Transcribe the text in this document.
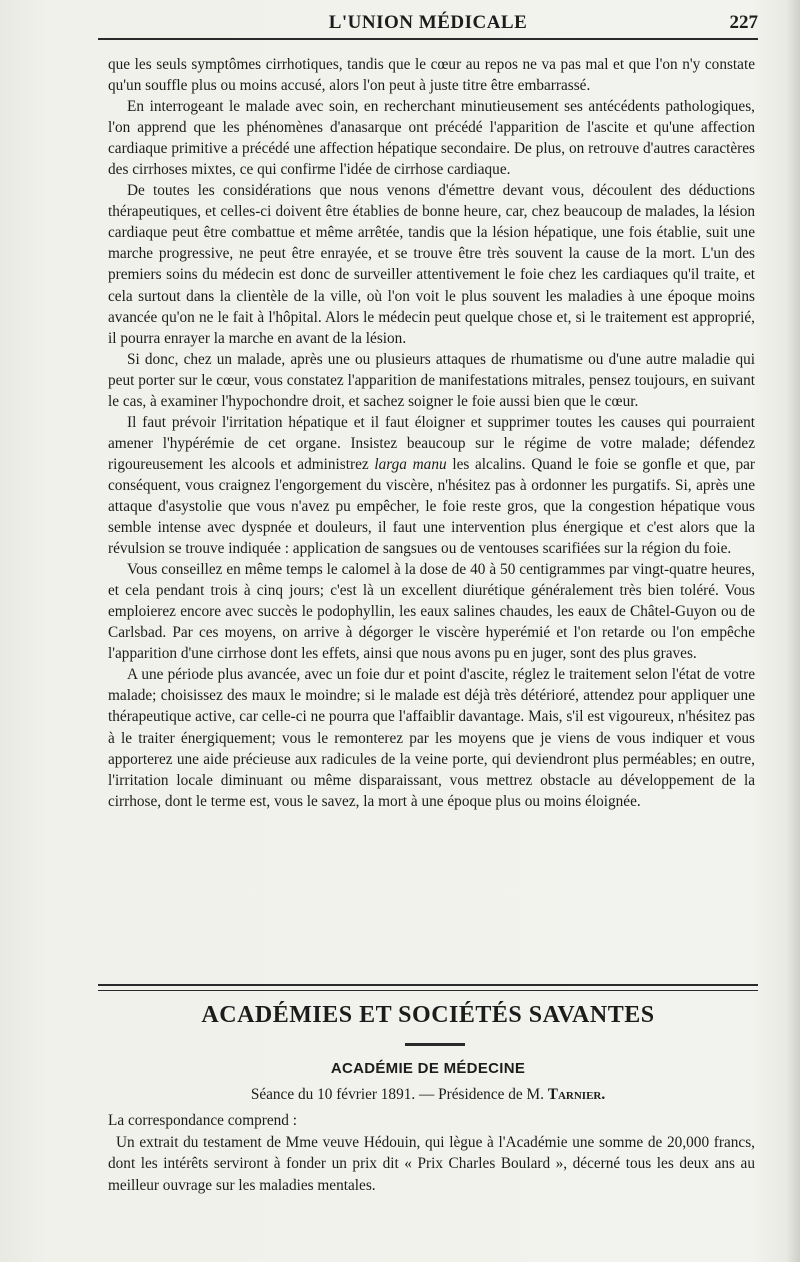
L'UNION MÉDICALE	227

que les seuls symptômes cirrhotiques, tandis que le cœur au repos ne va pas mal et que l'on n'y constate qu'un souffle plus ou moins accusé, alors l'on peut à juste titre être embarrassé.

En interrogeant le malade avec soin, en recherchant minutieusement ses antécédents pathologiques, l'on apprend que les phénomènes d'anasarque ont précédé l'apparition de l'ascite et qu'une affection cardiaque primitive a précédé une affection hépatique secondaire. De plus, on retrouve d'autres caractères des cirrhoses mixtes, ce qui confirme l'idée de cirrhose cardiaque.

De toutes les considérations que nous venons d'émettre devant vous, découlent des déductions thérapeutiques, et celles-ci doivent être établies de bonne heure, car, chez beaucoup de malades, la lésion cardiaque peut être combattue et même arrêtée, tandis que la lésion hépatique, une fois établie, suit une marche progressive, ne peut être enrayée, et se trouve être très souvent la cause de la mort. L'un des premiers soins du médecin est donc de surveiller attentivement le foie chez les cardiaques qu'il traite, et cela surtout dans la clientèle de la ville, où l'on voit le plus souvent les maladies à une époque moins avancée qu'on ne le fait à l'hôpital. Alors le médecin peut quelque chose et, si le traitement est approprié, il pourra enrayer la marche en avant de la lésion.

Si donc, chez un malade, après une ou plusieurs attaques de rhumatisme ou d'une autre maladie qui peut porter sur le cœur, vous constatez l'apparition de manifestations mitrales, pensez toujours, en suivant le cas, à examiner l'hypochondre droit, et sachez soigner le foie aussi bien que le cœur.

Il faut prévoir l'irritation hépatique et il faut éloigner et supprimer toutes les causes qui pourraient amener l'hypérémie de cet organe. Insistez beaucoup sur le régime de votre malade; défendez rigoureusement les alcools et administrez larga manu les alcalins. Quand le foie se gonfle et que, par conséquent, vous craignez l'engorgement du viscère, n'hésitez pas à ordonner les purgatifs. Si, après une attaque d'asystolie que vous n'avez pu empêcher, le foie reste gros, que la congestion hépatique vous semble intense avec dyspnée et douleurs, il faut une intervention plus énergique et c'est alors que la révulsion se trouve indiquée : application de sangsues ou de ventouses scarifiées sur la région du foie.

Vous conseillez en même temps le calomel à la dose de 40 à 50 centigrammes par vingt-quatre heures, et cela pendant trois à cinq jours; c'est là un excellent diurétique généralement très bien toléré. Vous emploierez encore avec succès le podophyllin, les eaux salines chaudes, les eaux de Châtel-Guyon ou de Carlsbad. Par ces moyens, on arrive à dégorger le viscère hyperémié et l'on retarde ou l'on empêche l'apparition d'une cirrhose dont les effets, ainsi que nous avons pu en juger, sont des plus graves.

A une période plus avancée, avec un foie dur et point d'ascite, réglez le traitement selon l'état de votre malade; choisissez des maux le moindre; si le malade est déjà très détérioré, attendez pour appliquer une thérapeutique active, car celle-ci ne pourra que l'affaiblir davantage. Mais, s'il est vigoureux, n'hésitez pas à le traiter énergiquement; vous le remonterez par les moyens que je viens de vous indiquer et vous apporterez une aide précieuse aux radicules de la veine porte, qui deviendront plus perméables; en outre, l'irritation locale diminuant ou même disparaissant, vous mettrez obstacle au développement de la cirrhose, dont le terme est, vous le savez, la mort à une époque plus ou moins éloignée.

ACADÉMIES ET SOCIÉTÉS SAVANTES
ACADÉMIE DE MÉDECINE
Séance du 10 février 1891. — Présidence de M. Tarnier.

La correspondance comprend :

Un extrait du testament de Mme veuve Hédouin, qui lègue à l'Académie une somme de 20,000 francs, dont les intérêts serviront à fonder un prix dit « Prix Charles Boulard », décerné tous les deux ans au meilleur ouvrage sur les maladies mentales.
